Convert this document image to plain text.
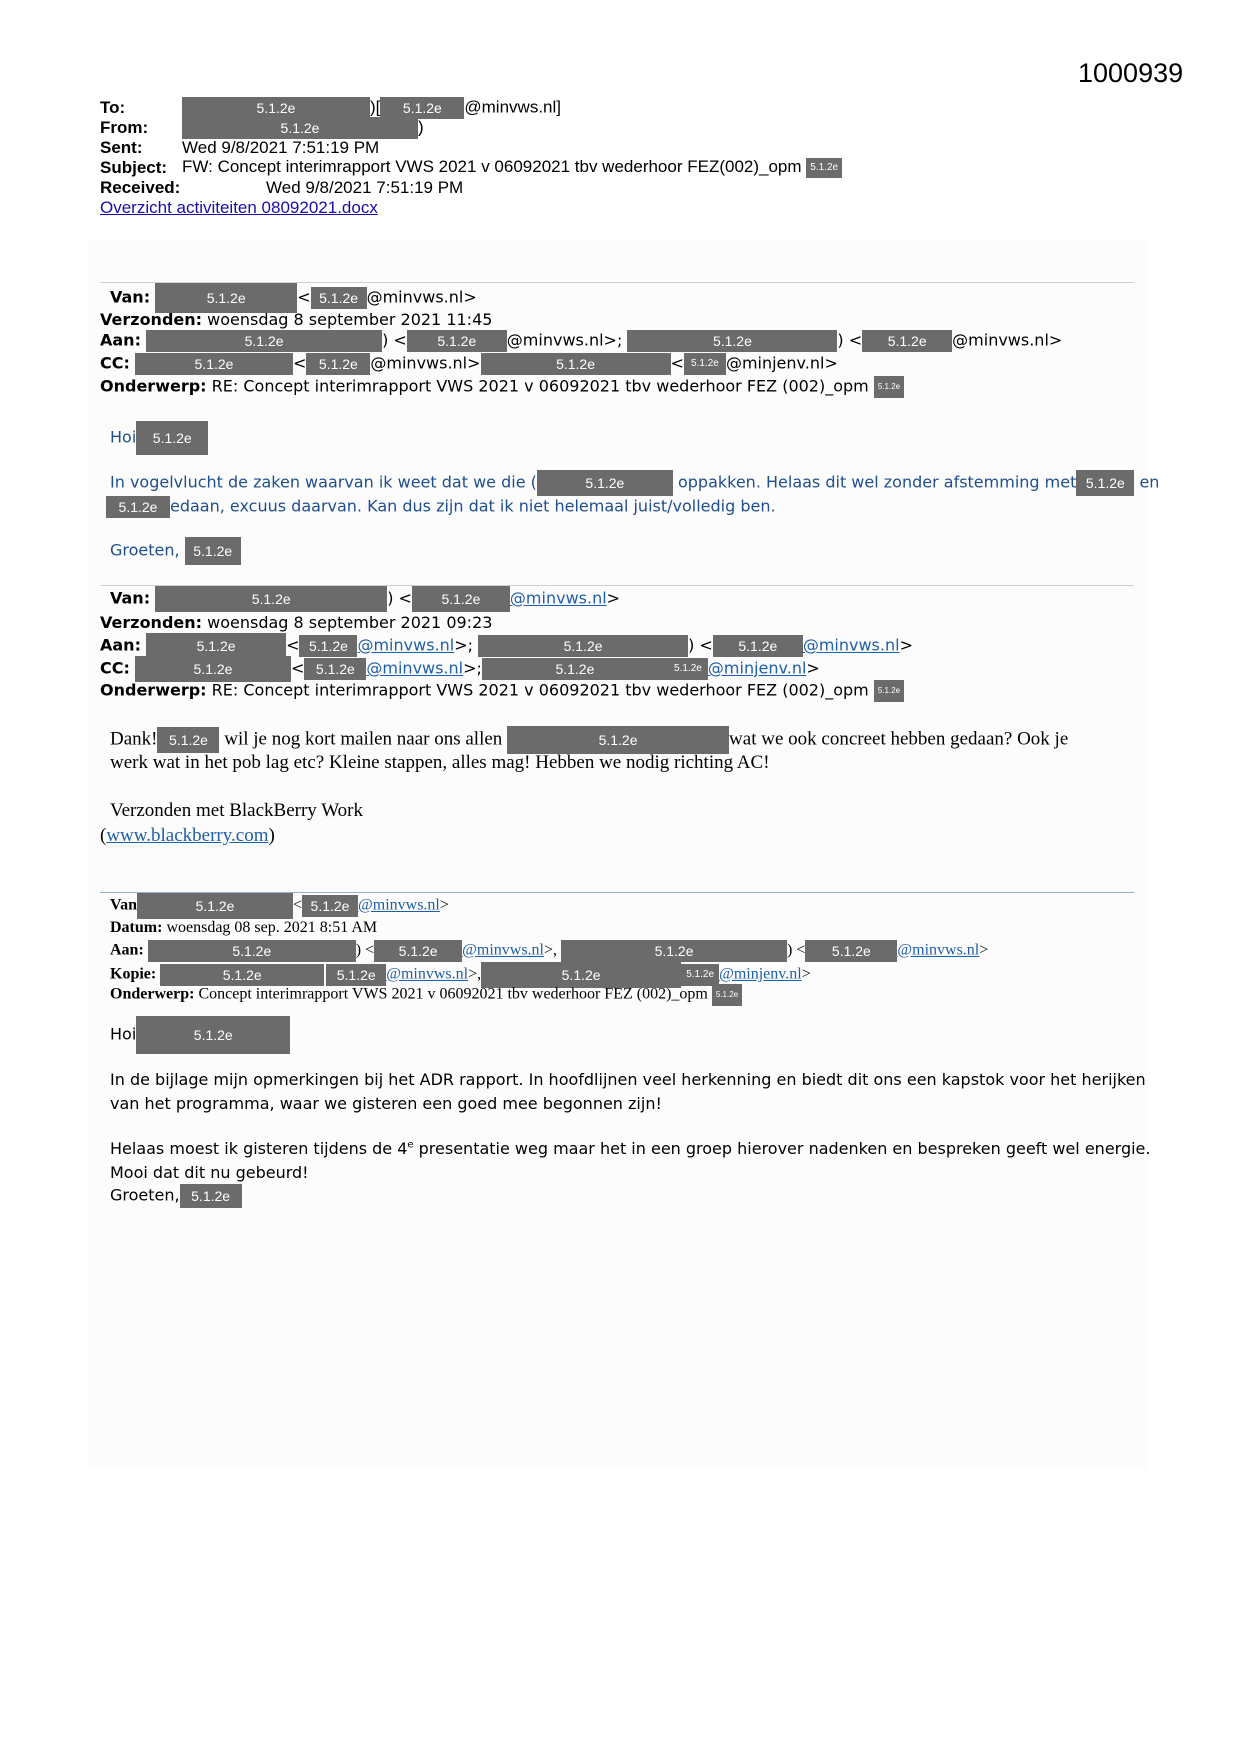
1000939
To:	5.1.2e	)[ 5.1.2e @minvws.nl]
From:	5.1.2e	)
Sent: Wed 9/8/2021 7:51:19 PM
Subject: FW: Concept interimrapport VWS 2021 v 06092021 tbv wederhoor FEZ(002)_opm 5.1.2e
Received:	Wed 9/8/2021 7:51:19 PM
Overzicht activiteiten 08092021.docx
Van:	5.1.2e	< 5.1.2e @minvws.nl>
Verzonden: woensdag 8 september 2021 11:45
Aan:	5.1.2e	) < 5.1.2e @minvws.nl>;	5.1.2e	) < 5.1.2e @minvws.nl>
CC:	5.1.2e	< 5.1.2e @minvws.nl>	5.1.2e	< 5.1.2e @minjenv.nl>
Onderwerp: RE: Concept interimrapport VWS 2021 v 06092021 tbv wederhoor FEZ (002)_opm 5.1.2e
Hoi 5.1.2e
In vogelvlucht de zaken waarvan ik weet dat we die (	5.1.2e	oppakken. Helaas dit wel zonder afstemming met 5.1.2e en
5.1.2e edaan, excuus daarvan. Kan dus zijn dat ik niet helemaal juist/volledig ben.
Groeten, 5.1.2e
Van:	5.1.2e	) < 5.1.2e @minvws.nl>
Verzonden: woensdag 8 september 2021 09:23
Aan:	5.1.2e	< 5.1.2e @minvws.nl>;	5.1.2e	) < 5.1.2e @minvws.nl>
CC:	5.1.2e	< 5.1.2e @minvws.nl>;	5.1.2e	5.1.2e @minjenv.nl>
Onderwerp: RE: Concept interimrapport VWS 2021 v 06092021 tbv wederhoor FEZ (002)_opm 5.1.2e
Dank! 5.1.2e wil je nog kort mailen naar ons allen	5.1.2e	wat we ook concreet hebben gedaan? Ook je
werk wat in het pob lag etc? Kleine stappen, alles mag! Hebben we nodig richting AC!
Verzonden met BlackBerry Work
(www.blackberry.com)
Van	5.1.2e	< 5.1.2e @minvws.nl>
Datum: woensdag 08 sep. 2021 8:51 AM
Aan:	5.1.2e	) < 5.1.2e @minvws.nl>,	5.1.2e	) < 5.1.2e @minvws.nl>
Kopie:	5.1.2e	5.1.2e @minvws.nl>,	5.1.2e	5.1.2e @minjenv.nl>
Onderwerp: Concept interimrapport VWS 2021 v 06092021 tbv wederhoor FEZ (002)_opm 5.1.2e
Hoi	5.1.2e
In de bijlage mijn opmerkingen bij het ADR rapport. In hoofdlijnen veel herkenning en biedt dit ons een kapstok voor het herijken
van het programma, waar we gisteren een goed mee begonnen zijn!
Helaas moest ik gisteren tijdens de 4e presentatie weg maar het in een groep hierover nadenken en bespreken geeft wel energie.
Mooi dat dit nu gebeurd!
Groeten, 5.1.2e
